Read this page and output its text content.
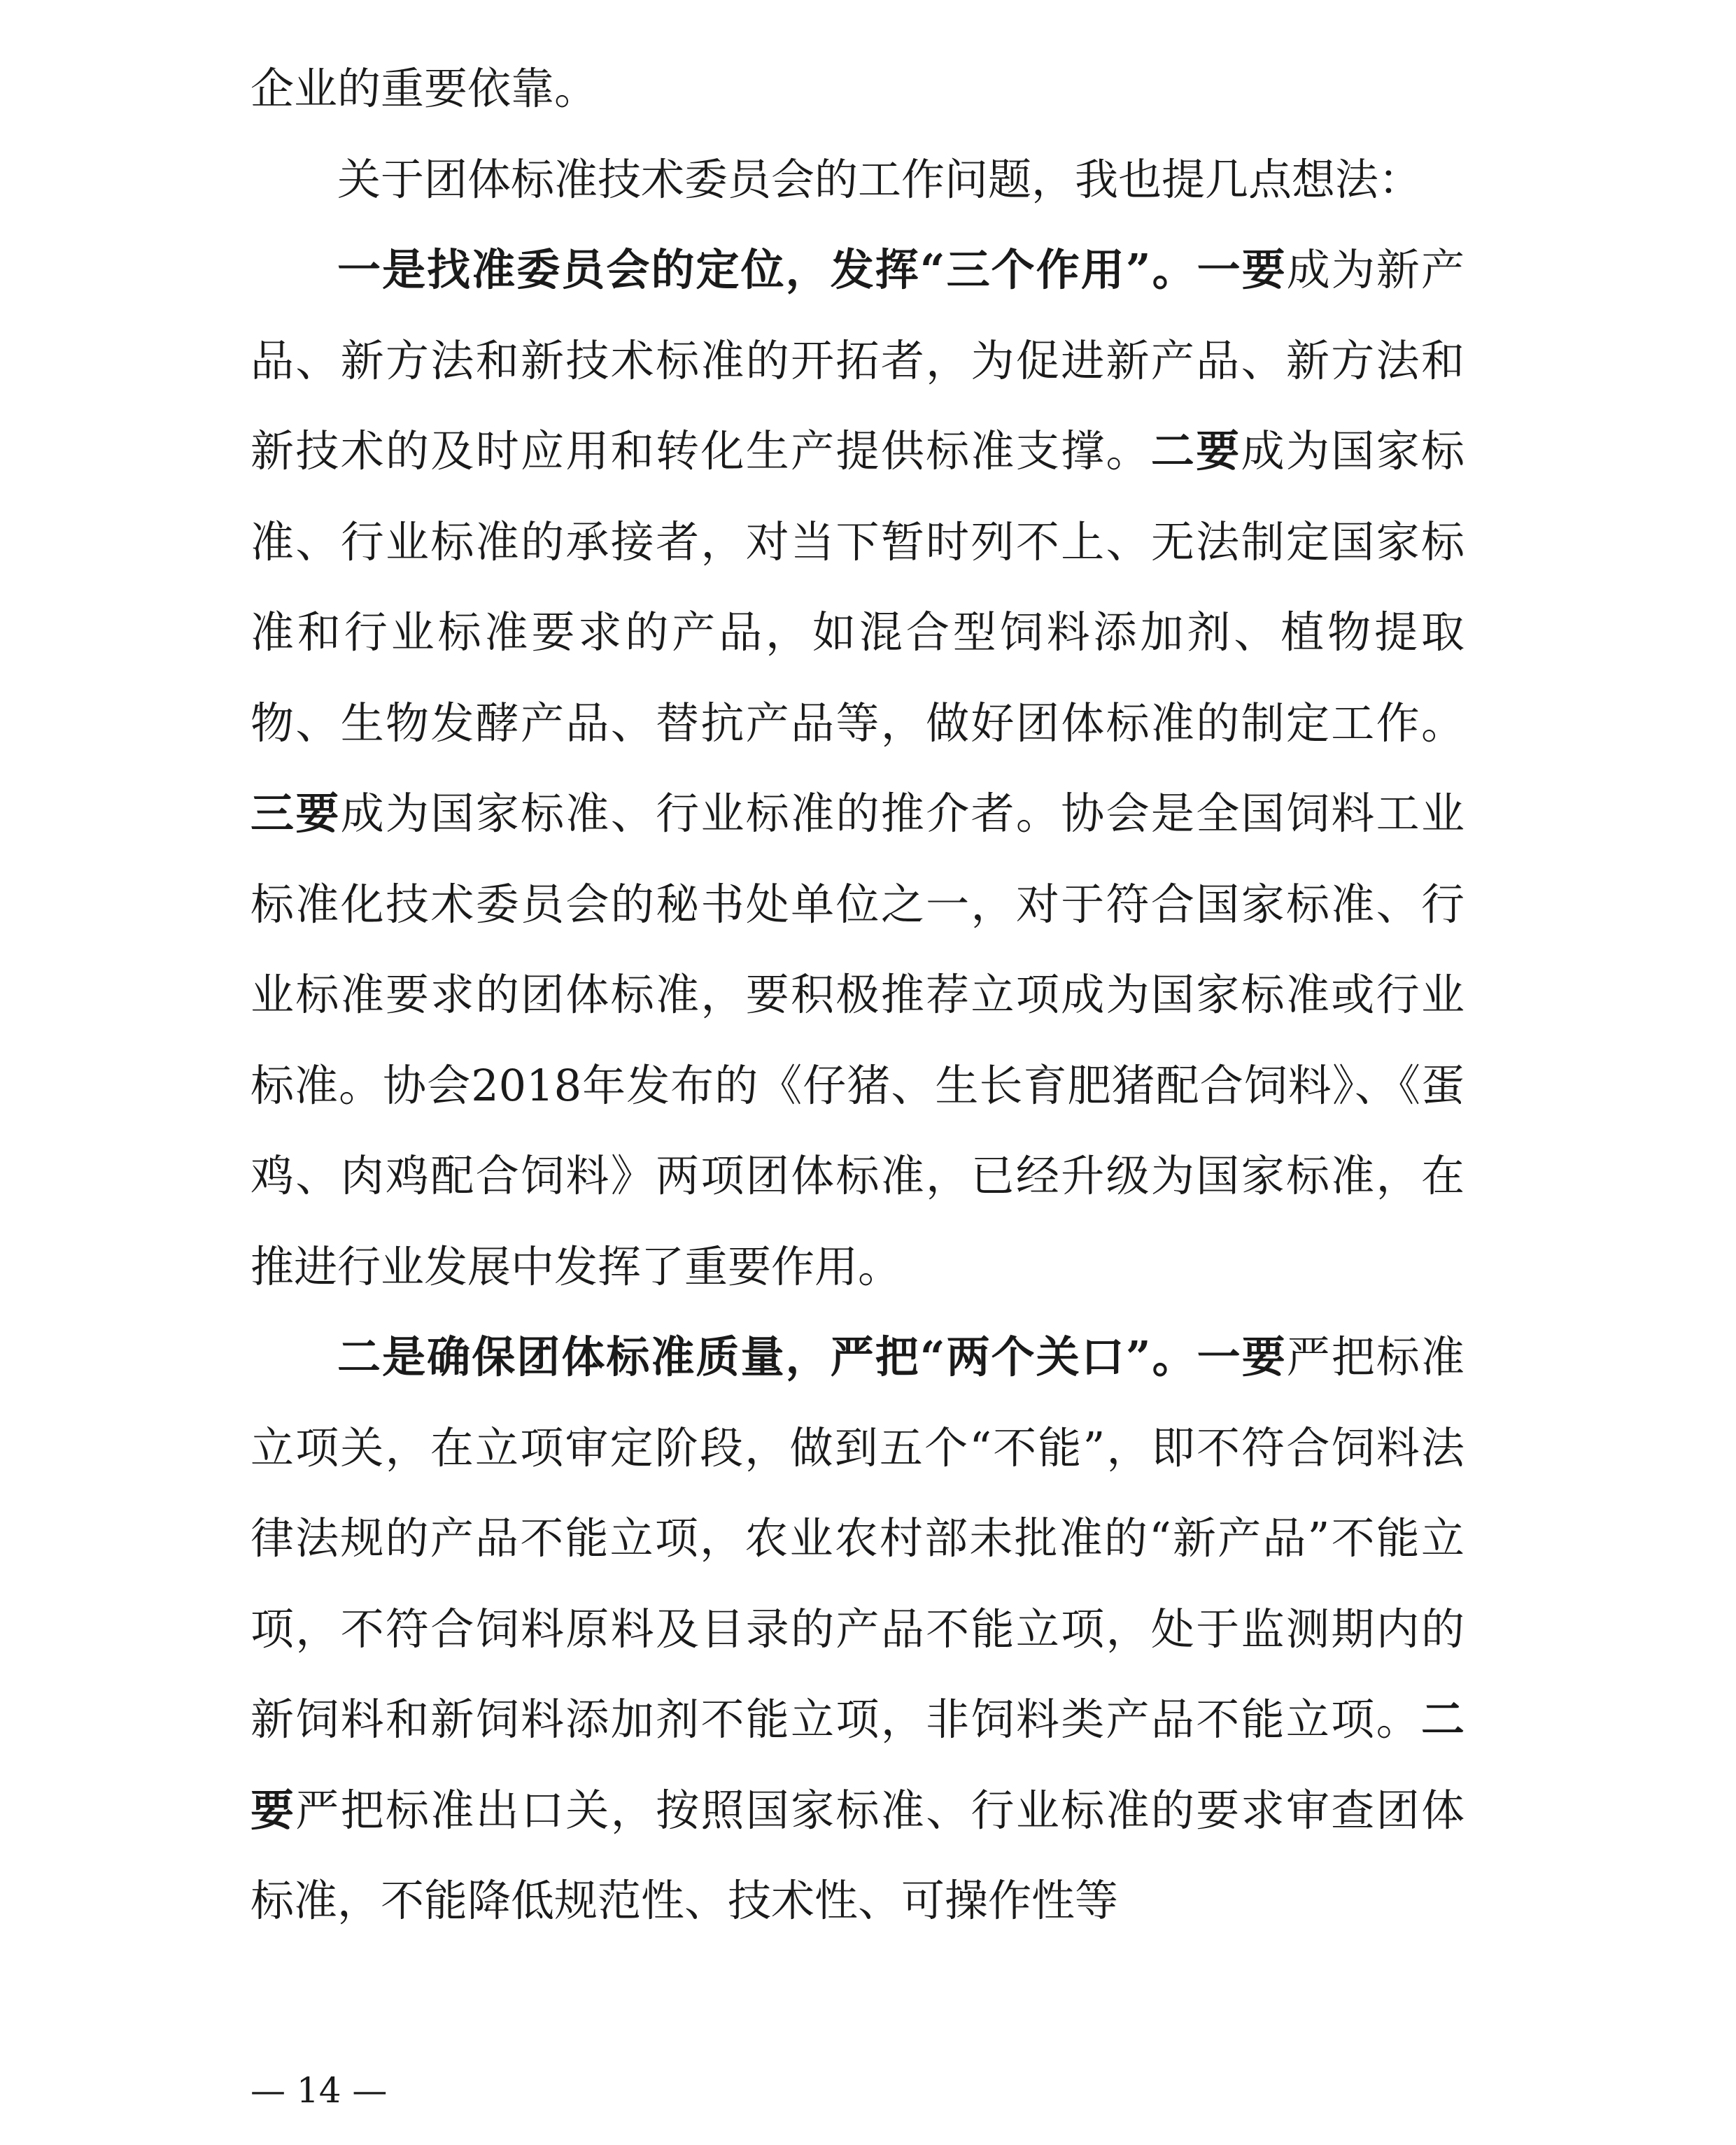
企业的重要依靠。

关于团体标准技术委员会的工作问题，我也提几点想法：

一是找准委员会的定位，发挥“三个作用”。一要成为新产品、新方法和新技术标准的开拓者，为促进新产品、新方法和新技术的及时应用和转化生产提供标准支撑。二要成为国家标准、行业标准的承接者，对当下暂时列不上、无法制定国家标准和行业标准要求的产品，如混合型饲料添加剂、植物提取物、生物发酵产品、替抗产品等，做好团体标准的制定工作。三要成为国家标准、行业标准的推介者。协会是全国饲料工业标准化技术委员会的秘书处单位之一，对于符合国家标准、行业标准要求的团体标准，要积极推荐立项成为国家标准或行业标准。协会2018年发布的《仔猪、生长育肥猪配合饲料》、《蛋鸡、肉鸡配合饲料》两项团体标准，已经升级为国家标准，在推进行业发展中发挥了重要作用。

二是确保团体标准质量，严把“两个关口”。一要严把标准立项关，在立项审定阶段，做到五个“不能”，即不符合饲料法律法规的产品不能立项，农业农村部未批准的“新产品”不能立项，不符合饲料原料及目录的产品不能立项，处于监测期内的新饲料和新饲料添加剂不能立项，非饲料类产品不能立项。二要严把标准出口关，按照国家标准、行业标准的要求审查团体标准，不能降低规范性、技术性、可操作性等

— 14 —
